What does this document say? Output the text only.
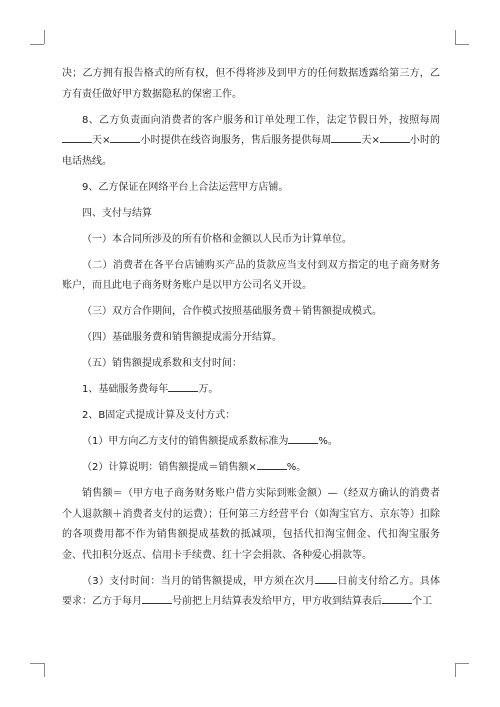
决；乙方拥有报告格式的所有权，但不得将涉及到甲方的任何数据透露给第三方，乙方有责任做好甲方数据隐私的保密工作。

8、乙方负责面向消费者的客户服务和订单处理工作，法定节假日外，按照每周天×	小时提供在线咨询服务，售后服务提供每周	天×	小时的电话热线。

9、乙方保证在网络平台上合法运营甲方店铺。

四、支付与结算

（一）本合同所涉及的所有价格和金额以人民币为计算单位。

（二）消费者在各平台店铺购买产品的货款应当支付到双方指定的电子商务财务账户，而且此电子商务财务账户是以甲方公司名义开设。

（三）双方合作期间，合作模式按照基础服务费＋销售额提成模式。

（四）基础服务费和销售额提成需分开结算。

（五）销售额提成系数和支付时间：

1、基础服务费每年	万。

2、B固定式提成计算及支付方式：

（1）甲方向乙方支付的销售额提成系数标准为	%。

（2）计算说明：销售额提成＝销售额×	%。

销售额＝（甲方电子商务财务账户借方实际到账金额）—（经双方确认的消费者个人退款额＋消费者支付的运费）；任何第三方经营平台（如淘宝官方、京东等）扣除的各项费用都不作为销售额提成基数的抵减项，包括代扣淘宝佣金、代扣淘宝服务金、代扣积分返点、信用卡手续费、红十字会捐款、各种爱心捐款等。

（3）支付时间：当月的销售额提成，甲方须在次月 日前支付给乙方。具体要求：乙方于每月	号前把上月结算表发给甲方，甲方收到结算表后	个工
